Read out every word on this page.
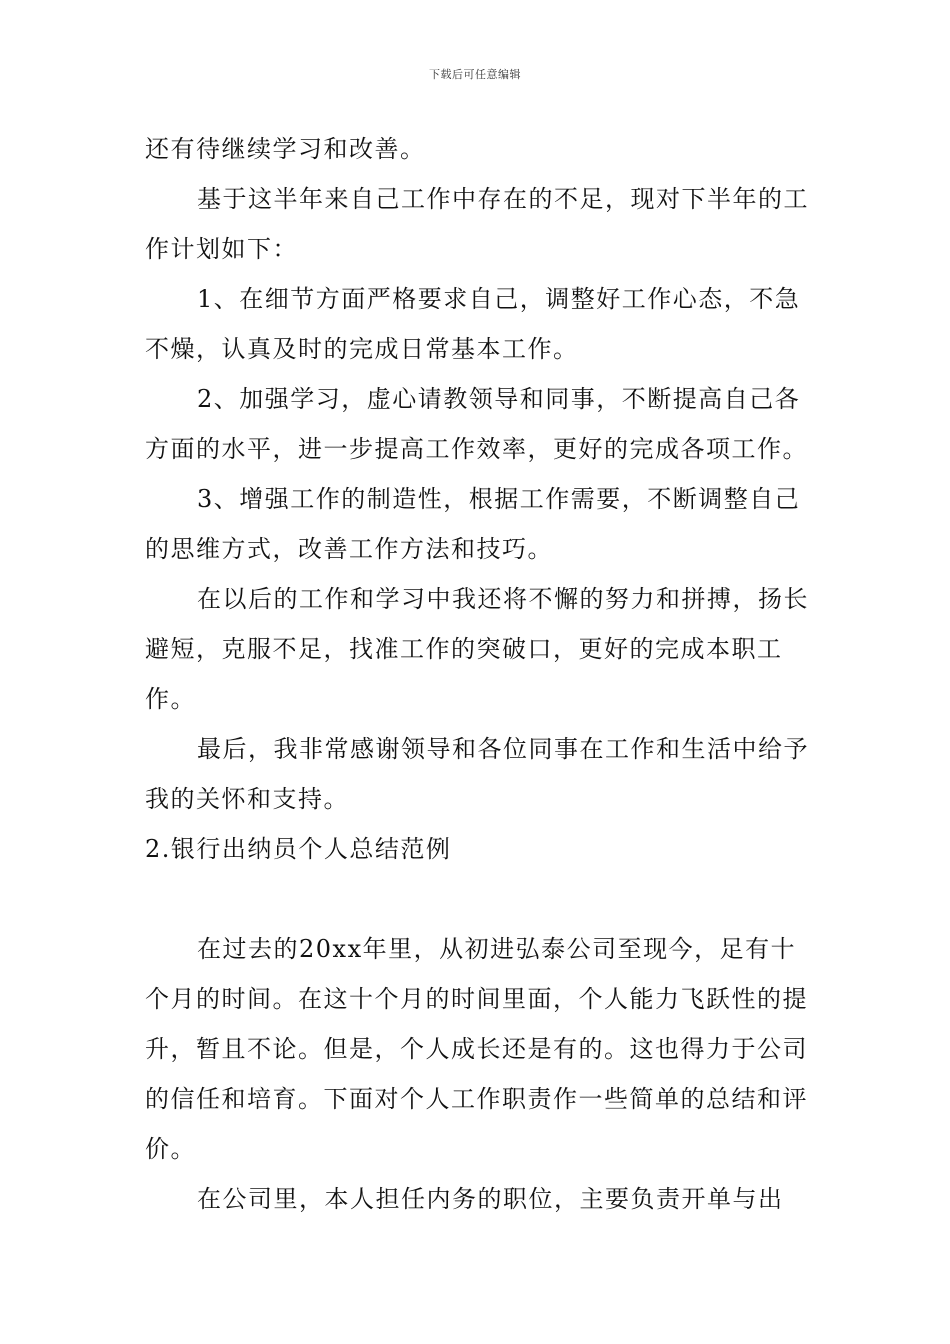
下载后可任意编辑

还有待继续学习和改善。

基于这半年来自己工作中存在的不足，现对下半年的工作计划如下：

1、在细节方面严格要求自己，调整好工作心态，不急不燥，认真及时的完成日常基本工作。

2、加强学习，虚心请教领导和同事，不断提高自己各方面的水平，进一步提高工作效率，更好的完成各项工作。

3、增强工作的制造性，根据工作需要，不断调整自己的思维方式，改善工作方法和技巧。

在以后的工作和学习中我还将不懈的努力和拼搏，扬长避短，克服不足，找准工作的突破口，更好的完成本职工作。

最后，我非常感谢领导和各位同事在工作和生活中给予我的关怀和支持。

2.银行出纳员个人总结范例

在过去的20xx年里，从初进弘泰公司至现今，足有十个月的时间。在这十个月的时间里面，个人能力飞跃性的提升，暂且不论。但是，个人成长还是有的。这也得力于公司的信任和培育。下面对个人工作职责作一些简单的总结和评价。

在公司里，本人担任内务的职位，主要负责开单与出
